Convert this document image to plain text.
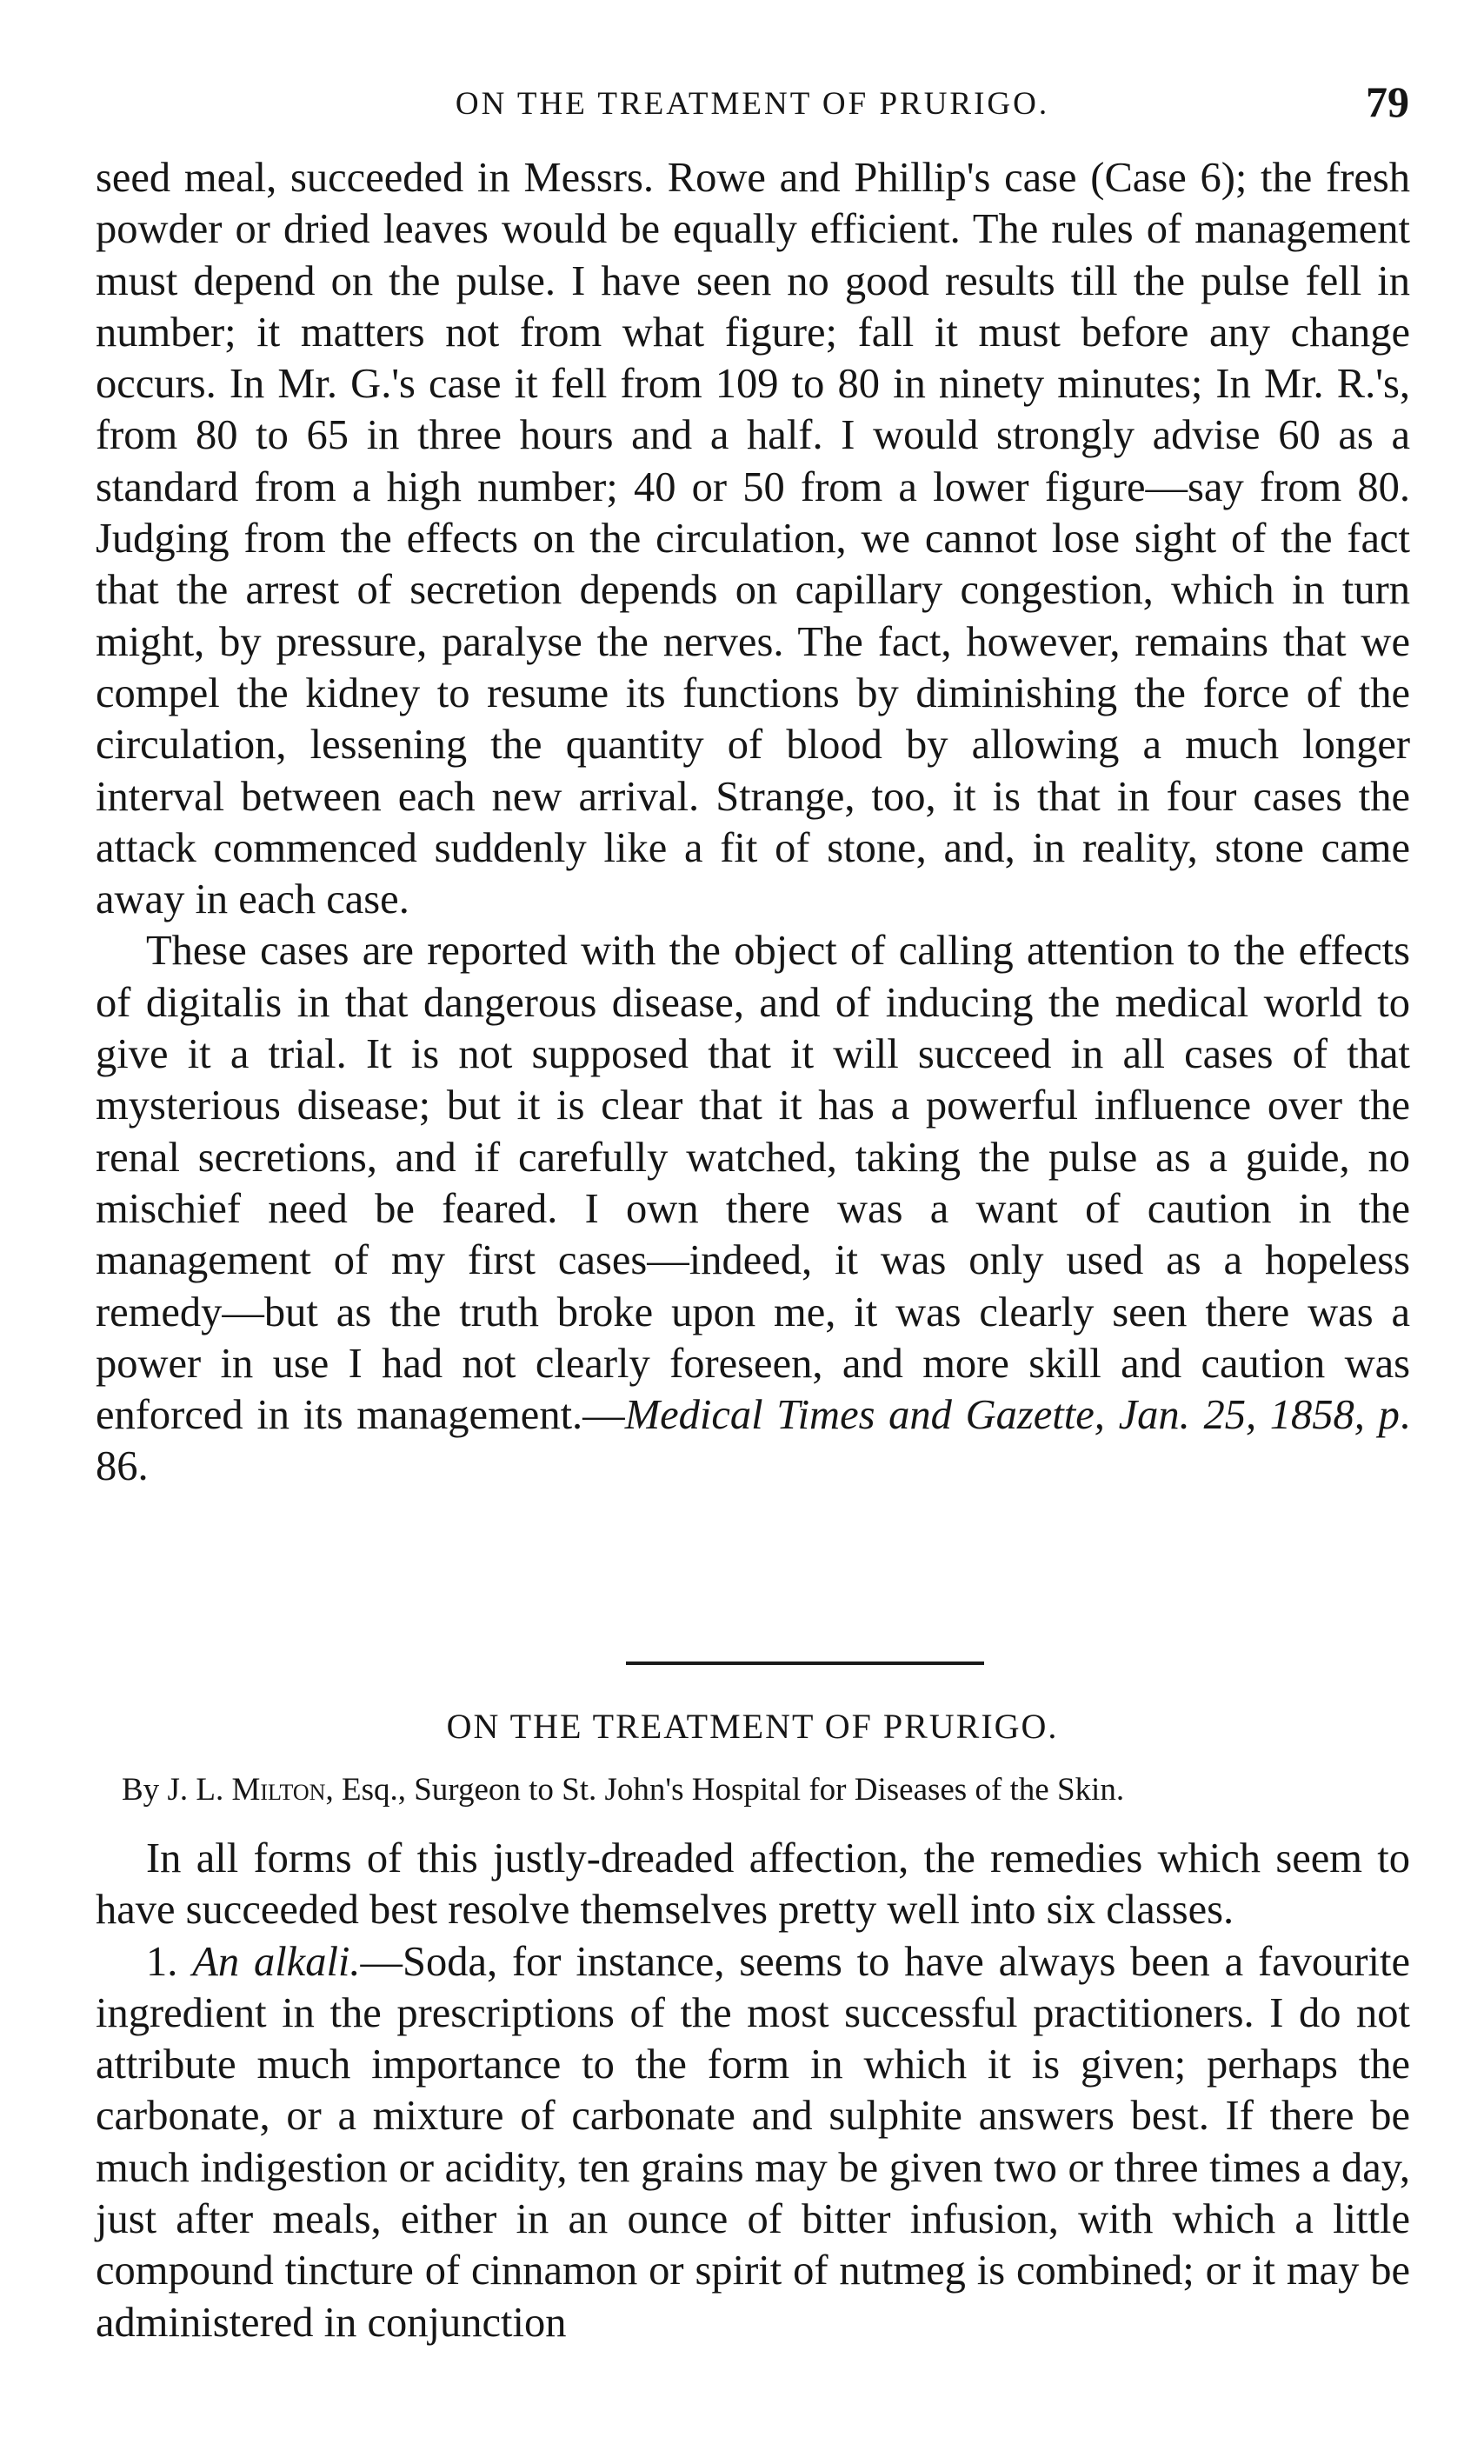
ON THE TREATMENT OF PRURIGO.	79

seed meal, succeeded in Messrs. Rowe and Phillip's case (Case 6); the fresh powder or dried leaves would be equally efficient. The rules of management must depend on the pulse. I have seen no good results till the pulse fell in number; it matters not from what figure; fall it must before any change occurs. In Mr. G.'s case it fell from 109 to 80 in ninety minutes; In Mr. R.'s, from 80 to 65 in three hours and a half. I would strongly advise 60 as a standard from a high number; 40 or 50 from a lower figure—say from 80. Judging from the effects on the circulation, we cannot lose sight of the fact that the arrest of secretion depends on capillary congestion, which in turn might, by pressure, paralyse the nerves. The fact, however, remains that we compel the kidney to resume its functions by diminishing the force of the circulation, lessening the quantity of blood by allowing a much longer interval between each new arrival. Strange, too, it is that in four cases the attack commenced suddenly like a fit of stone, and, in reality, stone came away in each case.

These cases are reported with the object of calling attention to the effects of digitalis in that dangerous disease, and of inducing the medical world to give it a trial. It is not supposed that it will succeed in all cases of that mysterious disease; but it is clear that it has a powerful influence over the renal secretions, and if carefully watched, taking the pulse as a guide, no mischief need be feared. I own there was a want of caution in the management of my first cases—indeed, it was only used as a hopeless remedy—but as the truth broke upon me, it was clearly seen there was a power in use I had not clearly foreseen, and more skill and caution was enforced in its management.—Medical Times and Gazette, Jan. 25, 1858, p. 86.

ON THE TREATMENT OF PRURIGO.
By J. L. Milton, Esq., Surgeon to St. John's Hospital for Diseases of the Skin.

In all forms of this justly-dreaded affection, the remedies which seem to have succeeded best resolve themselves pretty well into six classes.

1. An alkali.—Soda, for instance, seems to have always been a favourite ingredient in the prescriptions of the most successful practitioners. I do not attribute much importance to the form in which it is given; perhaps the carbonate, or a mixture of carbonate and sulphite answers best. If there be much indigestion or acidity, ten grains may be given two or three times a day, just after meals, either in an ounce of bitter infusion, with which a little compound tincture of cinnamon or spirit of nutmeg is combined; or it may be administered in conjunction
